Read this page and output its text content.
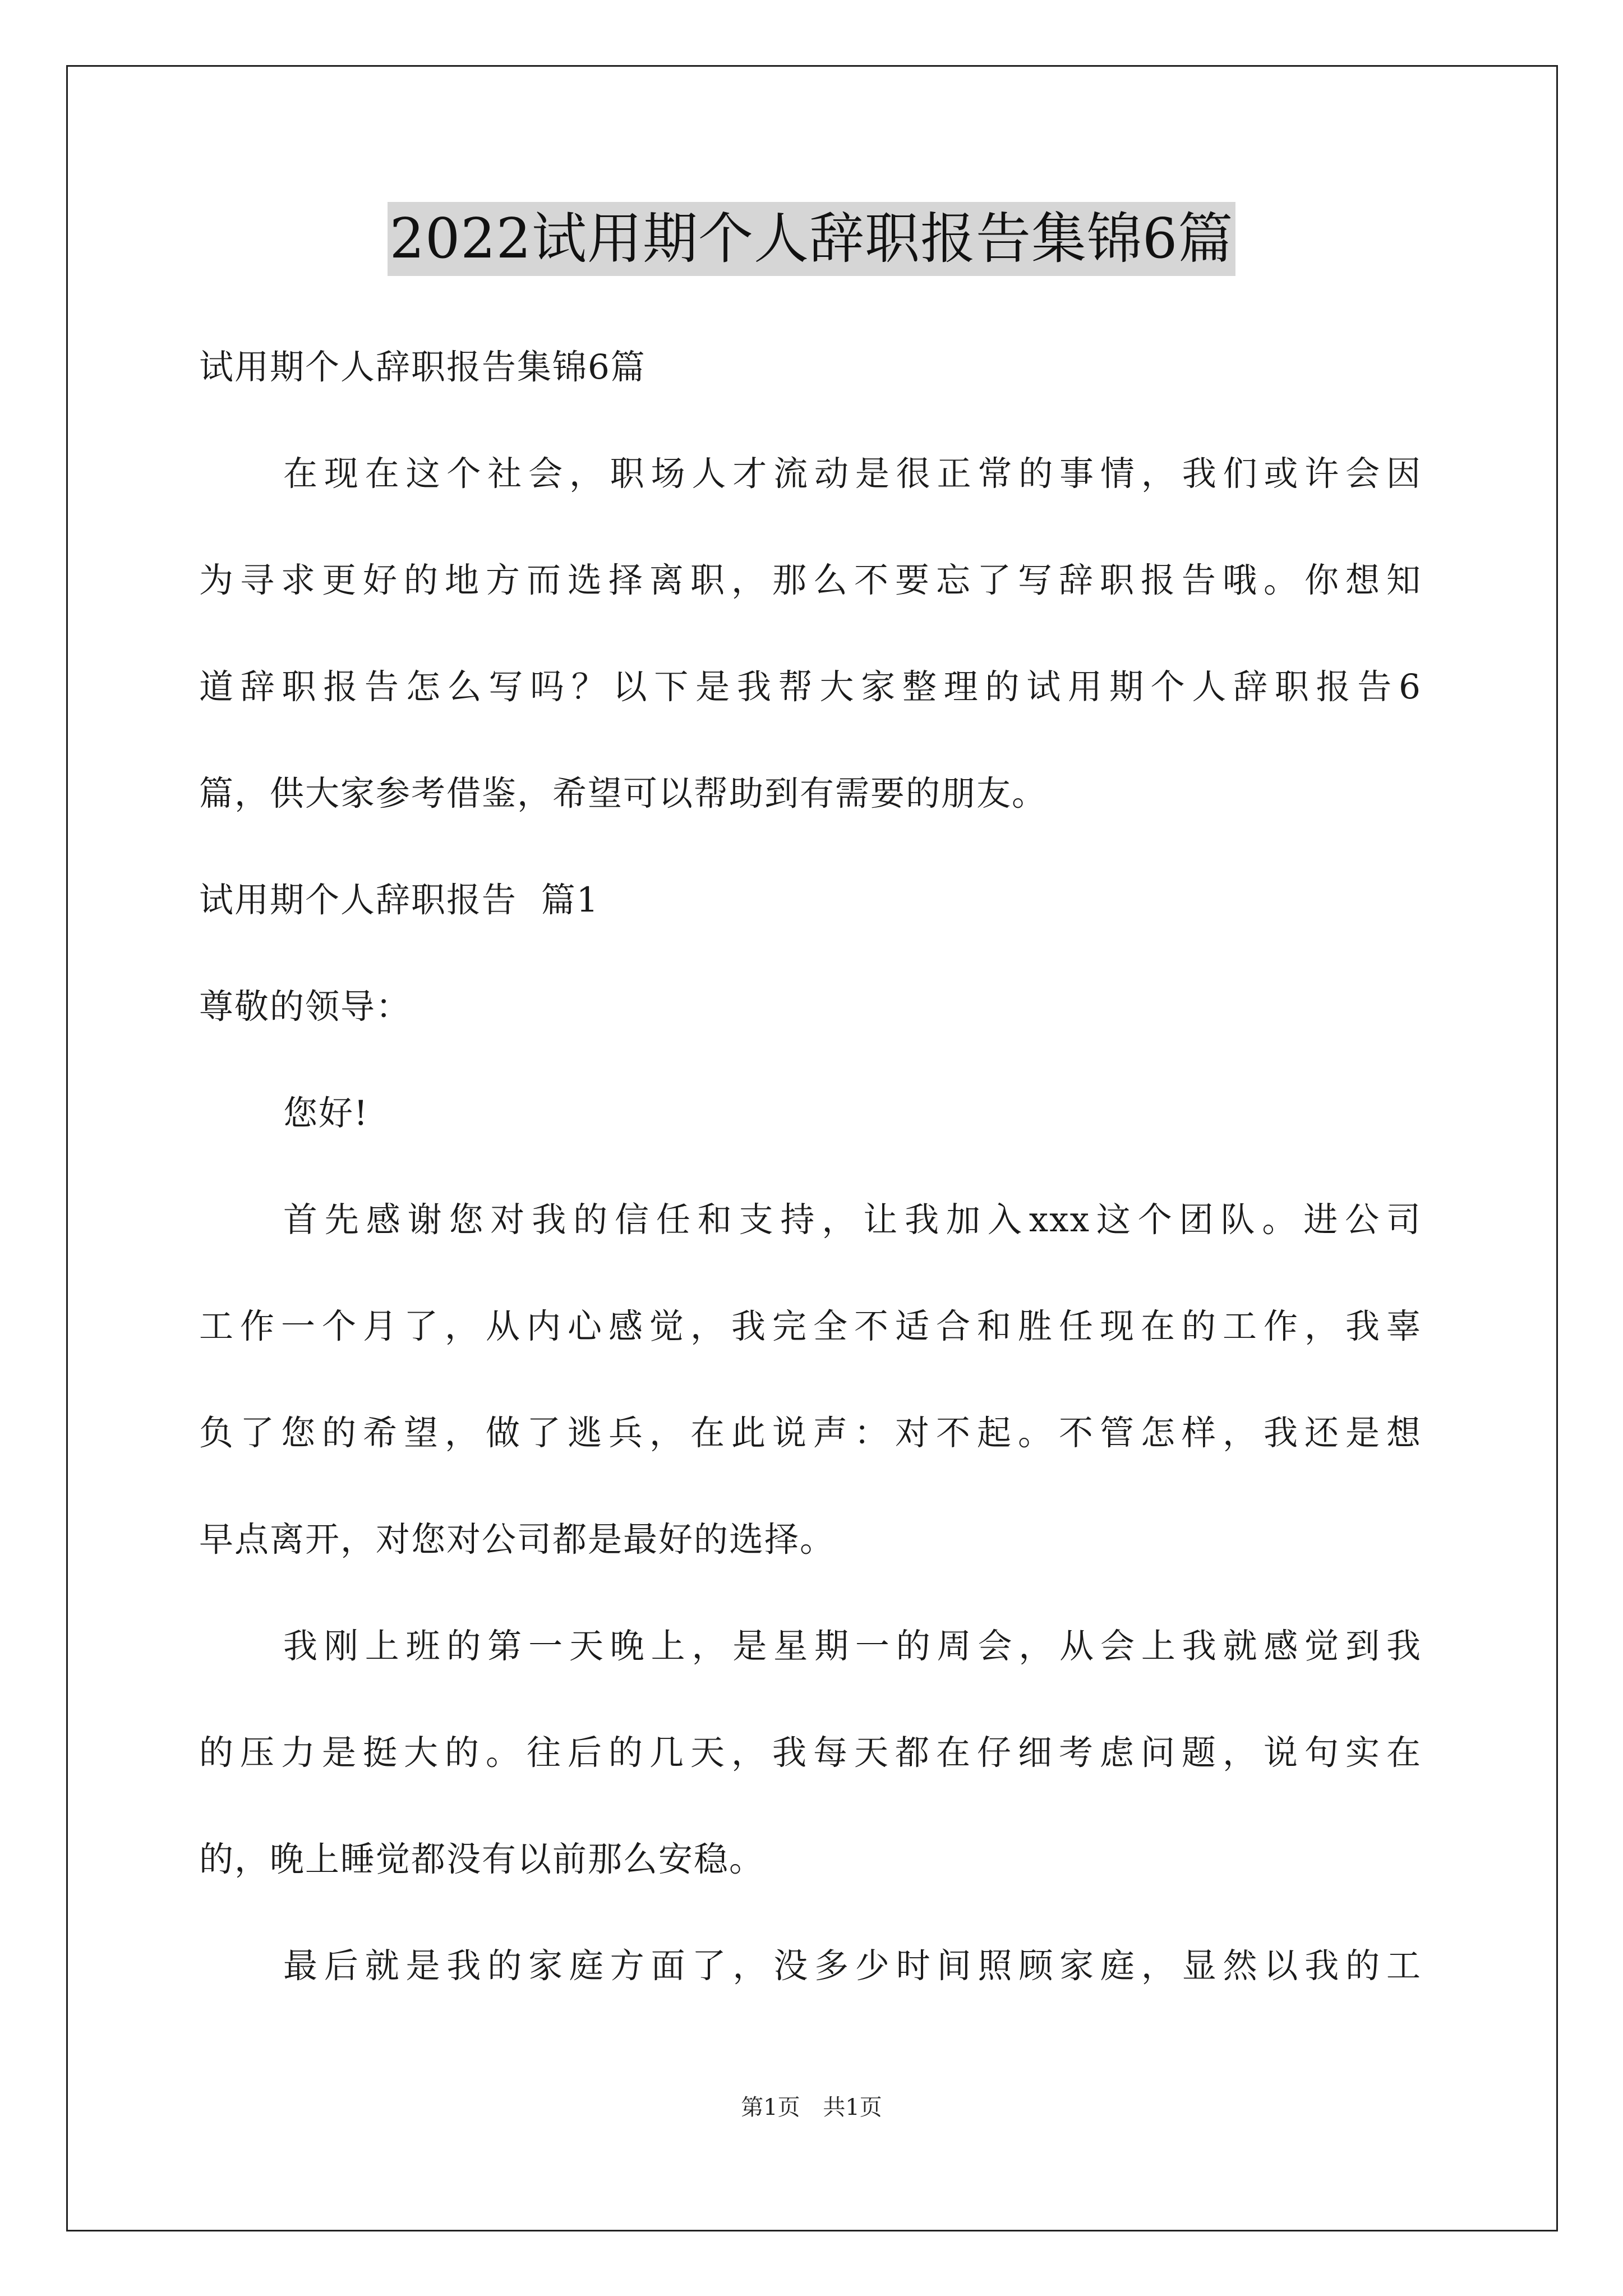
2022试用期个人辞职报告集锦6篇
试用期个人辞职报告集锦6篇
在现在这个社会，职场人才流动是很正常的事情，我们或许会因
为寻求更好的地方而选择离职，那么不要忘了写辞职报告哦。你想知
道辞职报告怎么写吗？以下是我帮大家整理的试用期个人辞职报告6
篇，供大家参考借鉴，希望可以帮助到有需要的朋友。
试用期个人辞职报告  篇1
尊敬的领导：
您好!
首先感谢您对我的信任和支持，让我加入xxx这个团队。进公司
工作一个月了，从内心感觉，我完全不适合和胜任现在的工作，我辜
负了您的希望，做了逃兵，在此说声：对不起。不管怎样，我还是想
早点离开，对您对公司都是最好的选择。
我刚上班的第一天晚上，是星期一的周会，从会上我就感觉到我
的压力是挺大的。往后的几天，我每天都在仔细考虑问题，说句实在
的，晚上睡觉都没有以前那么安稳。
最后就是我的家庭方面了，没多少时间照顾家庭，显然以我的工
第1页 共1页
